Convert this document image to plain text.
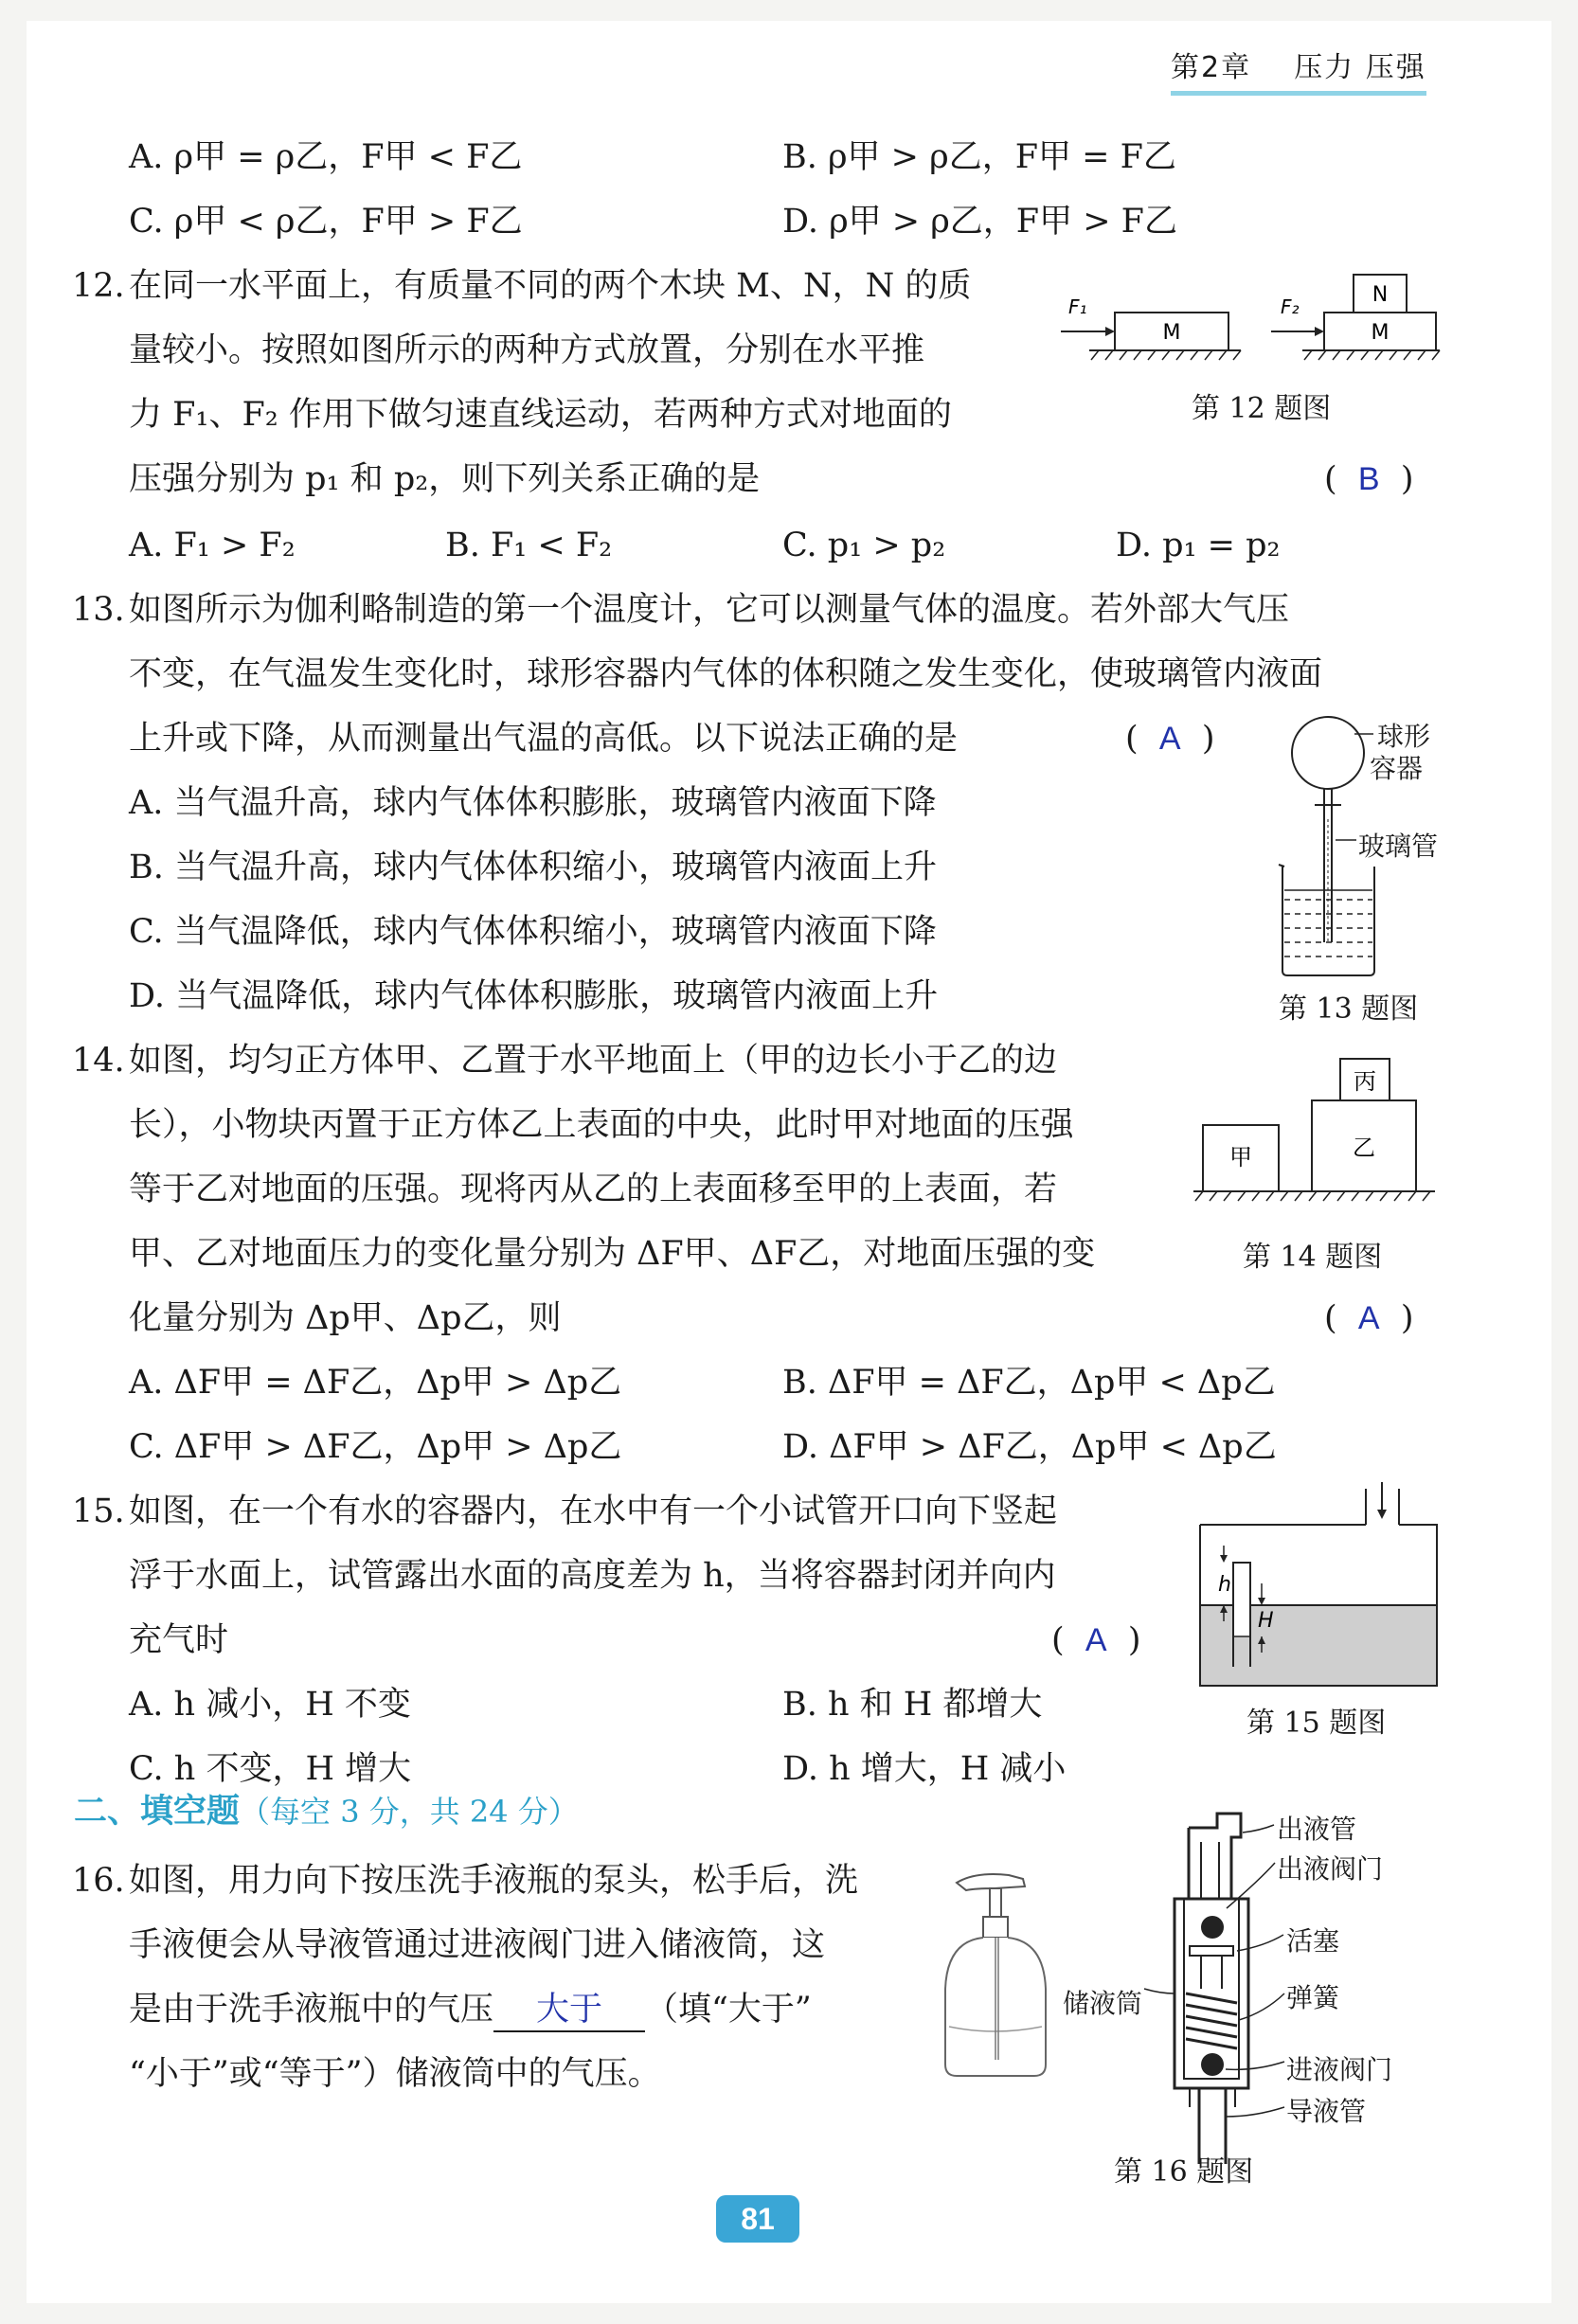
第2章 压力 压强
A. ρ甲 = ρ乙，F甲 < F乙	B. ρ甲 > ρ乙，F甲 = F乙
C. ρ甲 < ρ乙，F甲 > F乙	D. ρ甲 > ρ乙，F甲 > F乙
12. 在同一水平面上，有质量不同的两个木块 M、N，N 的质
量较小。按照如图所示的两种方式放置，分别在水平推
力 F₁、F₂ 作用下做匀速直线运动，若两种方式对地面的
压强分别为 p₁ 和 p₂，则下列关系正确的是	(  B  )
A. F₁ > F₂	B. F₁ < F₂	C. p₁ > p₂	D. p₁ = p₂
M
F₁
M
N
F₂
第 12 题图
13. 如图所示为伽利略制造的第一个温度计，它可以测量气体的温度。若外部大气压
不变，在气温发生变化时，球形容器内气体的体积随之发生变化，使玻璃管内液面
上升或下降，从而测量出气温的高低。以下说法正确的是	(  A  )
A. 当气温升高，球内气体体积膨胀，玻璃管内液面下降
B. 当气温升高，球内气体体积缩小，玻璃管内液面上升
C. 当气温降低，球内气体体积缩小，玻璃管内液面下降
D. 当气温降低，球内气体体积膨胀，玻璃管内液面上升
球形
容器
玻璃管
第 13 题图
14. 如图，均匀正方体甲、乙置于水平地面上（甲的边长小于乙的边
长），小物块丙置于正方体乙上表面的中央，此时甲对地面的压强
等于乙对地面的压强。现将丙从乙的上表面移至甲的上表面，若
甲、乙对地面压力的变化量分别为 ΔF甲、ΔF乙，对地面压强的变
化量分别为 Δp甲、Δp乙，则	(  A  )
A. ΔF甲 = ΔF乙，Δp甲 > Δp乙	B. ΔF甲 = ΔF乙，Δp甲 < Δp乙
C. ΔF甲 > ΔF乙，Δp甲 > Δp乙	D. ΔF甲 > ΔF乙，Δp甲 < Δp乙
甲	乙
丙
第 14 题图
15. 如图，在一个有水的容器内，在水中有一个小试管开口向下竖起
浮于水面上，试管露出水面的高度差为 h，当将容器封闭并向内
充气时	(  A  )
A. h 减小，H 不变	B. h 和 H 都增大
C. h 不变，H 增大	D. h 增大，H 减小
h
H
第 15 题图
二、填空题（每空 3 分，共 24 分）
16. 如图，用力向下按压洗手液瓶的泵头，松手后，洗
手液便会从导液管通过进液阀门进入储液筒，这
是由于洗手液瓶中的气压 大于 （填“大于”
“小于”或“等于”）储液筒中的气压。
出液管
出液阀门
活塞
弹簧
储液筒
进液阀门
导液管
第 16 题图
81
